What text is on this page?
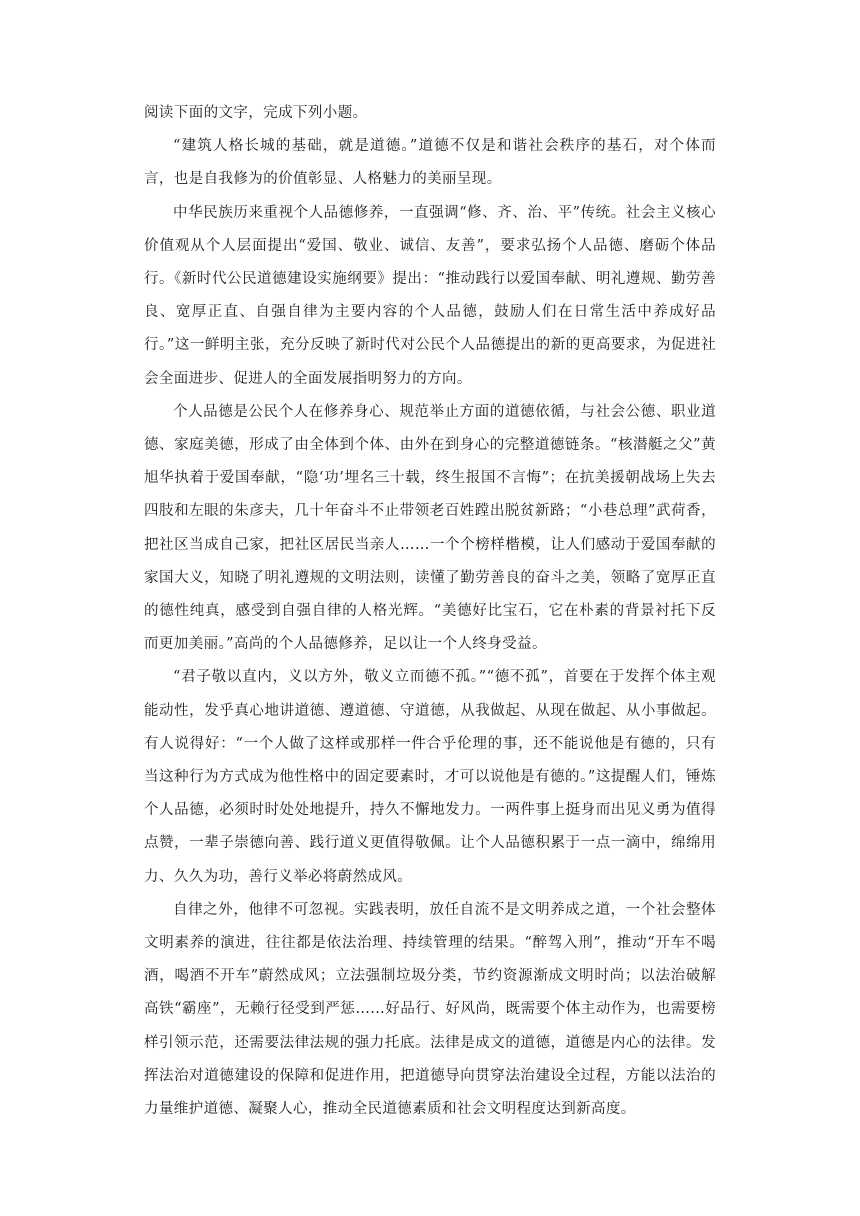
阅读下面的文字，完成下列小题。

“建筑人格长城的基础，就是道德。”道德不仅是和谐社会秩序的基石，对个体而言，也是自我修为的价值彰显、人格魅力的美丽呈现。

中华民族历来重视个人品德修养，一直强调“修、齐、治、平”传统。社会主义核心价值观从个人层面提出“爱国、敬业、诚信、友善”，要求弘扬个人品德、磨砺个体品行。《新时代公民道德建设实施纲要》提出：“推动践行以爱国奉献、明礼遵规、勤劳善良、宽厚正直、自强自律为主要内容的个人品德，鼓励人们在日常生活中养成好品行。”这一鲜明主张，充分反映了新时代对公民个人品德提出的新的更高要求，为促进社会全面进步、促进人的全面发展指明努力的方向。

个人品德是公民个人在修养身心、规范举止方面的道德依循，与社会公德、职业道德、家庭美德，形成了由全体到个体、由外在到身心的完整道德链条。“核潜艇之父”黄旭华执着于爱国奉献，“隐‘功’埋名三十载，终生报国不言悔”；在抗美援朝战场上失去四肢和左眼的朱彦夫，几十年奋斗不止带领老百姓蹚出脱贫新路；“小巷总理”武荷香，把社区当成自己家，把社区居民当亲人……一个个榜样楷模，让人们感动于爱国奉献的家国大义，知晓了明礼遵规的文明法则，读懂了勤劳善良的奋斗之美，领略了宽厚正直的德性纯真，感受到自强自律的人格光辉。“美德好比宝石，它在朴素的背景衬托下反而更加美丽。”高尚的个人品德修养，足以让一个人终身受益。

“君子敬以直内，义以方外，敬义立而德不孤。”“德不孤”，首要在于发挥个体主观能动性，发乎真心地讲道德、遵道德、守道德，从我做起、从现在做起、从小事做起。有人说得好：“一个人做了这样或那样一件合乎伦理的事，还不能说他是有德的，只有当这种行为方式成为他性格中的固定要素时，才可以说他是有德的。”这提醒人们，锤炼个人品德，必须时时处处地提升，持久不懈地发力。一两件事上挺身而出见义勇为值得点赞，一辈子崇德向善、践行道义更值得敬佩。让个人品德积累于一点一滴中，绵绵用力、久久为功，善行义举必将蔚然成风。

自律之外，他律不可忽视。实践表明，放任自流不是文明养成之道，一个社会整体文明素养的演进，往往都是依法治理、持续管理的结果。“醉驾入刑”，推动“开车不喝酒，喝酒不开车”蔚然成风；立法强制垃圾分类，节约资源渐成文明时尚；以法治破解高铁“霸座”，无赖行径受到严惩……好品行、好风尚，既需要个体主动作为，也需要榜样引领示范，还需要法律法规的强力托底。法律是成文的道德，道德是内心的法律。发挥法治对道德建设的保障和促进作用，把道德导向贯穿法治建设全过程，方能以法治的力量维护道德、凝聚人心，推动全民道德素质和社会文明程度达到新高度。
